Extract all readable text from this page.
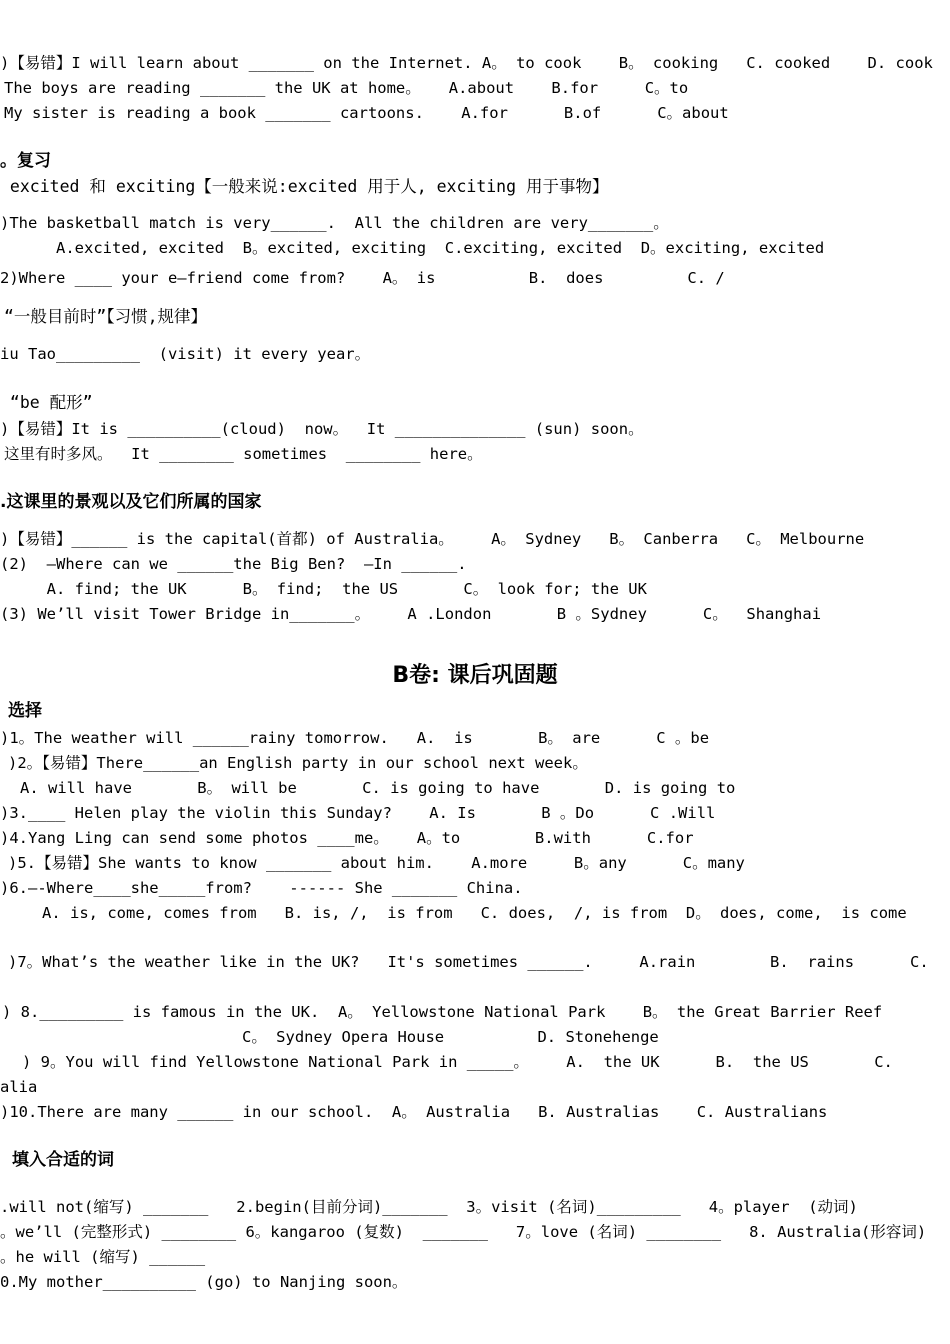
)【易错】I will learn about _______ on the Internet. A。 to cook    B。 cooking   C. cooked    D. cook
The boys are reading _______ the UK at home。   A.about    B.for     C。to
My sister is reading a book _______ cartoons.    A.for      B.of      C。about
。复习
excited 和 exciting【一般来说:excited 用于人, exciting 用于事物】
)The basketball match is very______.  All the children are very_______。
A.excited, excited  B。excited, exciting  C.exciting, excited  D。exciting, excited
2)Where ____ your e—friend come from?    A。 is          B.  does         C. /
“一般目前时”【习惯,规律】
iu Tao_________  (visit) it every year。
“be 配形”
)【易错】It is __________(cloud)  now。  It ______________ (sun) soon。
这里有时多风。  It ________ sometimes  ________ here。
.这课里的景观以及它们所属的国家
)【易错】______ is the capital(首都) of Australia。    A。 Sydney   B。 Canberra   C。 Melbourne
(2)  —Where can we ______the Big Ben?  —In ______.
A. find; the UK      B。 find;  the US       C。 look for; the UK
(3) We’ll visit Tower Bridge in_______。    A .London       B 。Sydney      C。  Shanghai
B卷: 课后巩固题
选择
)1。The weather will ______rainy tomorrow.   A.  is       B。 are      C 。be
)2。【易错】There______an English party in our school next week。
A. will have       B。 will be       C. is going to have       D. is going to
)3.____ Helen play the violin this Sunday?    A. Is       B 。Do      C .Will
)4.Yang Ling can send some photos ____me。   A。to        B.with      C.for
)5.【易错】She wants to know _______ about him.    A.more     B。any      C。many
)6.—-Where____she_____from?    ------ She _______ China.
A. is, come, comes from   B. is, /,  is from   C. does,  /, is from  D。 does, come,  is come
)7。What’s the weather like in the UK?   It's sometimes ______.     A.rain        B.  rains      C.
) 8._________ is famous in the UK.  A。 Yellowstone National Park    B。 the Great Barrier Reef
C。 Sydney Opera House          D. Stonehenge
) 9。You will find Yellowstone National Park in _____。    A.  the UK      B.  the US       C.
alia
)10.There are many ______ in our school.  A。 Australia   B. Australias    C. Australians
填入合适的词
.will not(缩写) _______   2.begin(目前分词)_______  3。visit (名词)_________   4。player  (动词)
。we’ll (完整形式) ________ 6。kangaroo (复数)  _______   7。love (名词) ________   8. Australia(形容词)
。he will (缩写) ______
0.My mother__________ (go) to Nanjing soon。
